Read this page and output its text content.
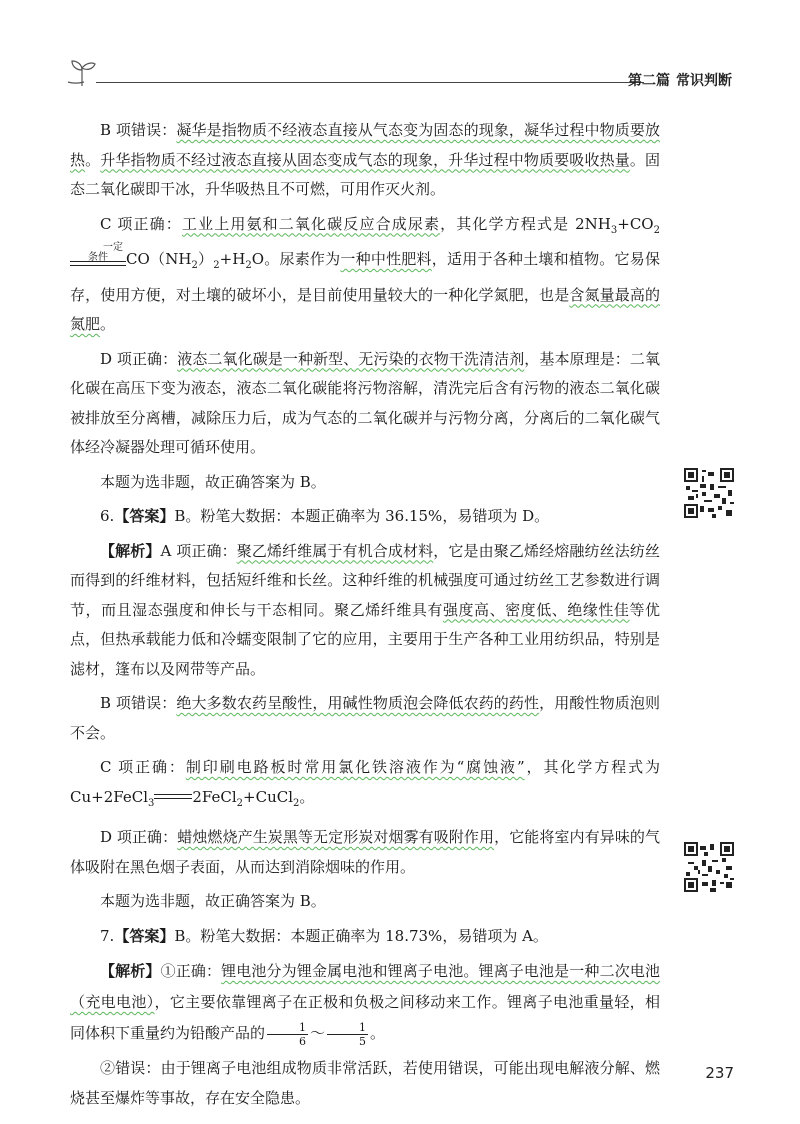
第二篇 常识判断

B 项错误：凝华是指物质不经液态直接从气态变为固态的现象，凝华过程中物质要放热。升华指物质不经过液态直接从固态变成气态的现象，升华过程中物质要吸收热量。固态二氧化碳即干冰，升华吸热且不可燃，可用作灭火剂。

C 项正确：工业上用氨和二氧化碳反应合成尿素，其化学方程式是 $2NH_3+CO_2$
一定条件	$CO(NH_2)_2+H_2O$。尿素作为一种中性肥料，适用于各种土壤和植物。它易保存，使用方便，对土壤的破坏小，是目前使用量较大的一种化学氮肥，也是含氮量最高的氮肥。

D 项正确：液态二氧化碳是一种新型、无污染的衣物干洗清洁剂，基本原理是：二氧化碳在高压下变为液态，液态二氧化碳能将污物溶解，清洗完后含有污物的液态二氧化碳被排放至分离槽，减除压力后，成为气态的二氧化碳并与污物分离，分离后的二氧化碳气体经冷凝器处理可循环使用。

本题为选非题，故正确答案为 B。

6.【答案】B。粉笔大数据：本题正确率为 36.15%，易错项为 D。

【解析】A 项正确：聚乙烯纤维属于有机合成材料，它是由聚乙烯经熔融纺丝法纺丝而得到的纤维材料，包括短纤维和长丝。这种纤维的机械强度可通过纺丝工艺参数进行调节，而且湿态强度和伸长与干态相同。聚乙烯纤维具有强度高、密度低、绝缘性佳等优点，但热承载能力低和冷蠕变限制了它的应用，主要用于生产各种工业用纺织品，特别是滤材，篷布以及网带等产品。

B 项错误：绝大多数农药呈酸性，用碱性物质泡会降低农药的药性，用酸性物质泡则不会。

C 项正确：制印刷电路板时常用氯化铁溶液作为“腐蚀液”，其化学方程式为 Cu+2FeCl$_3$	2FeCl$_2$+CuCl$_2$。

D 项正确：蜡烛燃烧产生炭黑等无定形炭对烟雾有吸附作用，它能将室内有异味的气体吸附在黑色烟子表面，从而达到消除烟味的作用。

本题为选非题，故正确答案为 B。

7.【答案】B。粉笔大数据：本题正确率为 18.73%，易错项为 A。

【解析】①正确：锂电池分为锂金属电池和锂离子电池。锂离子电池是一种二次电池（充电电池），它主要依靠锂离子在正极和负极之间移动来工作。锂离子电池重量轻，相同体积下重量约为铅酸产品的 $\frac{1}{6}$ ～ $\frac{1}{5}$ 。

②错误：由于锂离子电池组成物质非常活跃，若使用错误，可能出现电解液分解、燃烧甚至爆炸等事故，存在安全隐患。

237
